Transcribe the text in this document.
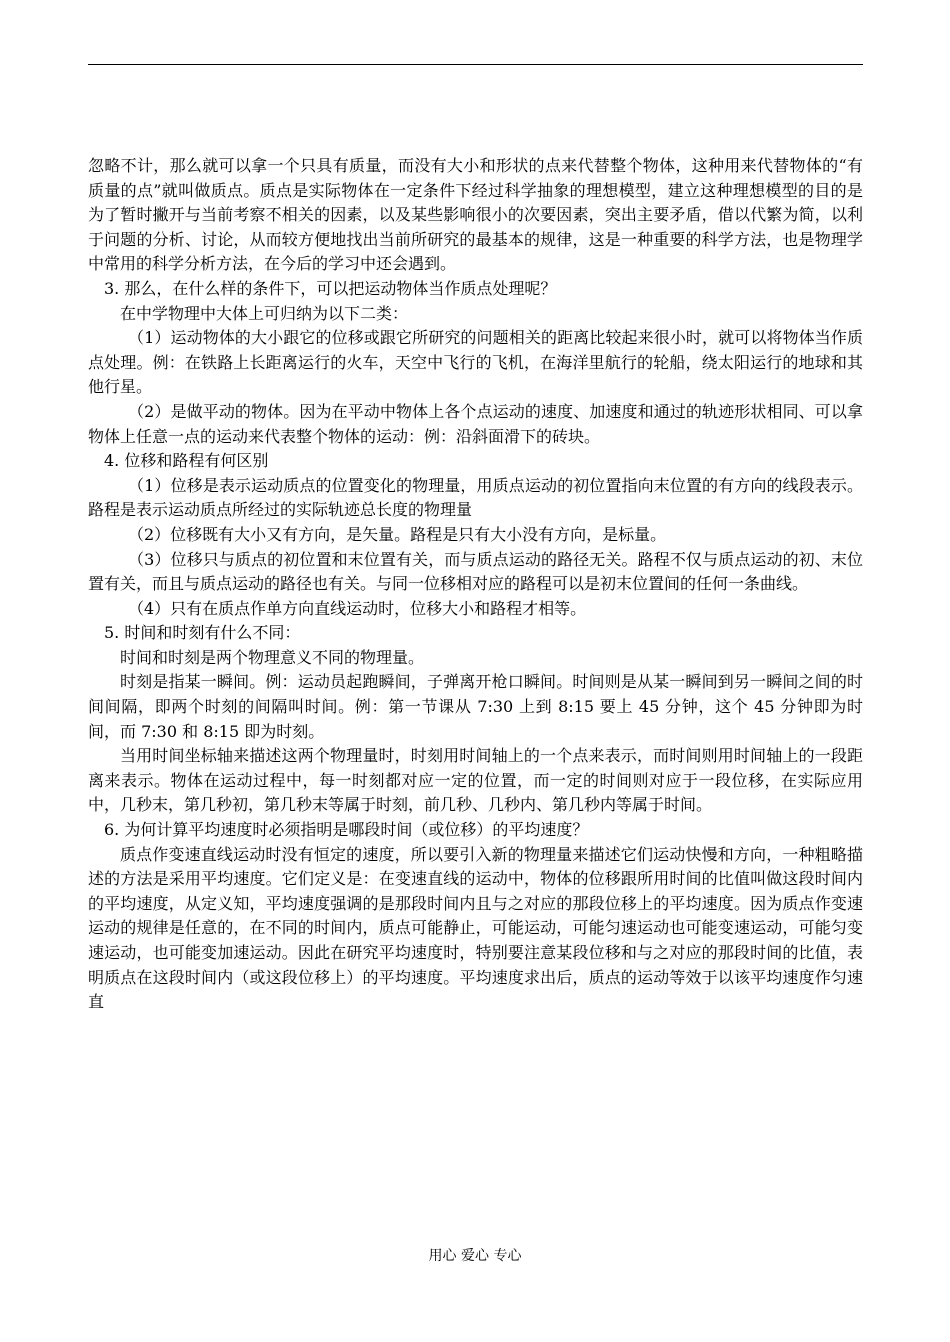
忽略不计，那么就可以拿一个只具有质量，而没有大小和形状的点来代替整个物体，这种用来代替物体的“有质量的点”就叫做质点。质点是实际物体在一定条件下经过科学抽象的理想模型，建立这种理想模型的目的是为了暂时撇开与当前考察不相关的因素，以及某些影响很小的次要因素，突出主要矛盾，借以代繁为简，以利于问题的分析、讨论，从而较方便地找出当前所研究的最基本的规律，这是一种重要的科学方法，也是物理学中常用的科学分析方法，在今后的学习中还会遇到。

3. 那么，在什么样的条件下，可以把运动物体当作质点处理呢？

在中学物理中大体上可归纳为以下二类：

（1）运动物体的大小跟它的位移或跟它所研究的问题相关的距离比较起来很小时，就可以将物体当作质点处理。例：在铁路上长距离运行的火车，天空中飞行的飞机，在海洋里航行的轮船，绕太阳运行的地球和其他行星。

（2）是做平动的物体。因为在平动中物体上各个点运动的速度、加速度和通过的轨迹形状相同、可以拿物体上任意一点的运动来代表整个物体的运动：例：沿斜面滑下的砖块。

4. 位移和路程有何区别

（1）位移是表示运动质点的位置变化的物理量，用质点运动的初位置指向末位置的有方向的线段表示。路程是表示运动质点所经过的实际轨迹总长度的物理量

（2）位移既有大小又有方向，是矢量。路程是只有大小没有方向，是标量。

（3）位移只与质点的初位置和末位置有关，而与质点运动的路径无关。路程不仅与质点运动的初、末位置有关，而且与质点运动的路径也有关。与同一位移相对应的路程可以是初末位置间的任何一条曲线。

（4）只有在质点作单方向直线运动时，位移大小和路程才相等。

5. 时间和时刻有什么不同：

时间和时刻是两个物理意义不同的物理量。

时刻是指某一瞬间。例：运动员起跑瞬间，子弹离开枪口瞬间。时间则是从某一瞬间到另一瞬间之间的时间间隔，即两个时刻的间隔叫时间。例：第一节课从 7:30 上到 8:15 要上 45 分钟，这个 45 分钟即为时间，而 7:30 和 8:15 即为时刻。

当用时间坐标轴来描述这两个物理量时，时刻用时间轴上的一个点来表示，而时间则用时间轴上的一段距离来表示。物体在运动过程中，每一时刻都对应一定的位置，而一定的时间则对应于一段位移，在实际应用中，几秒末，第几秒初，第几秒末等属于时刻，前几秒、几秒内、第几秒内等属于时间。

6. 为何计算平均速度时必须指明是哪段时间（或位移）的平均速度？

质点作变速直线运动时没有恒定的速度，所以要引入新的物理量来描述它们运动快慢和方向，一种粗略描述的方法是采用平均速度。它们定义是：在变速直线的运动中，物体的位移跟所用时间的比值叫做这段时间内的平均速度，从定义知，平均速度强调的是那段时间内且与之对应的那段位移上的平均速度。因为质点作变速运动的规律是任意的，在不同的时间内，质点可能静止，可能运动，可能匀速运动也可能变速运动，可能匀变速运动，也可能变加速运动。因此在研究平均速度时，特别要注意某段位移和与之对应的那段时间的比值，表明质点在这段时间内（或这段位移上）的平均速度。平均速度求出后，质点的运动等效于以该平均速度作匀速直

用心 爱心 专心
